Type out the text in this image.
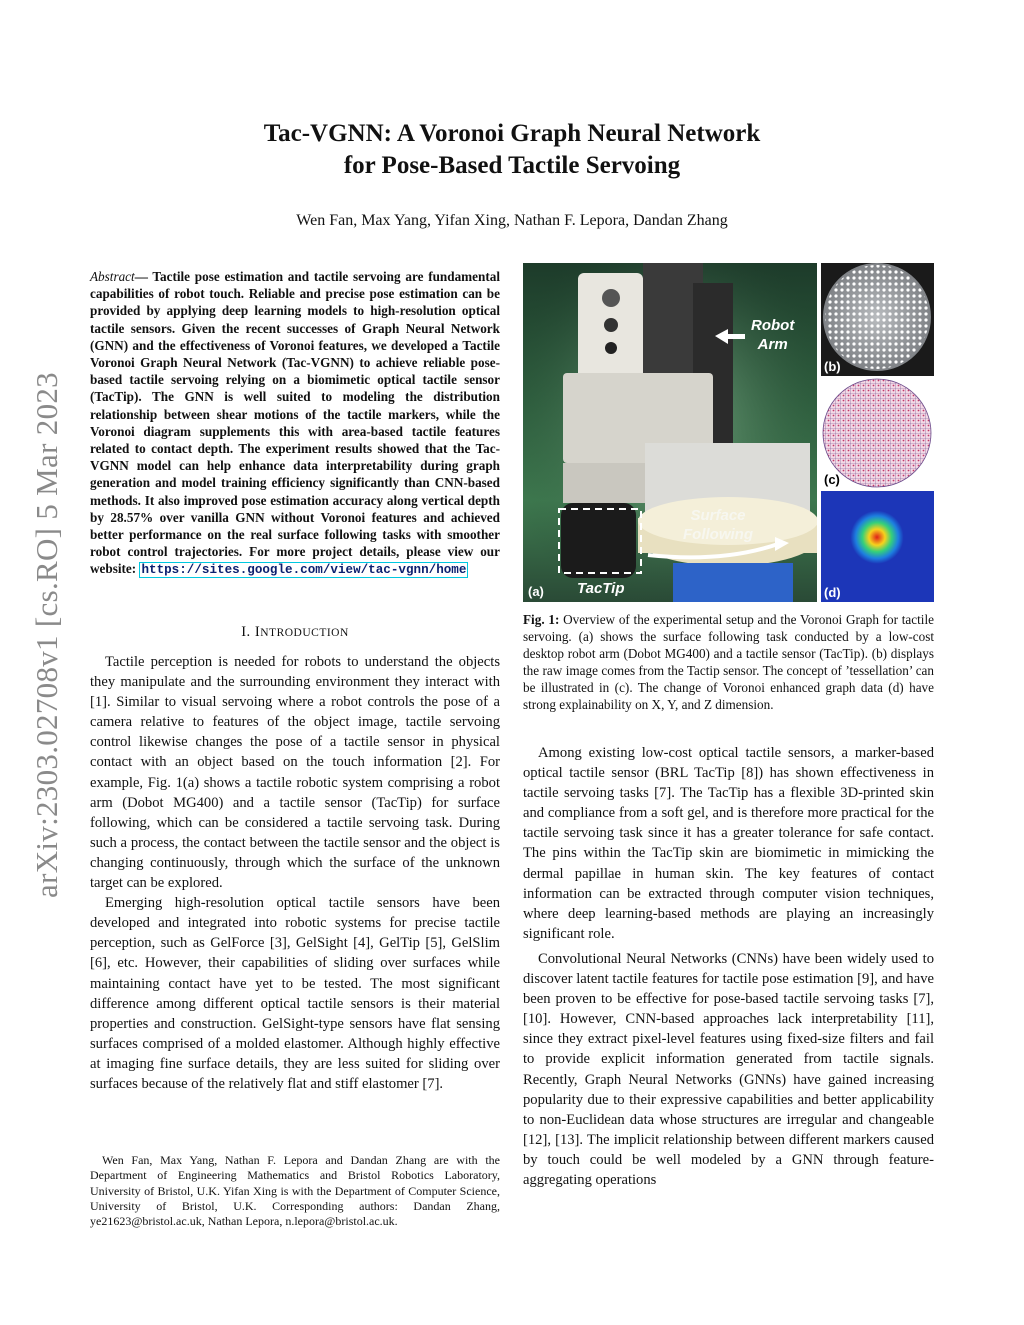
arXiv:2303.02708v1 [cs.RO] 5 Mar 2023
Tac-VGNN: A Voronoi Graph Neural Network
for Pose-Based Tactile Servoing
Wen Fan, Max Yang, Yifan Xing, Nathan F. Lepora, Dandan Zhang
Abstract— Tactile pose estimation and tactile servoing are fundamental capabilities of robot touch. Reliable and precise pose estimation can be provided by applying deep learning models to high-resolution optical tactile sensors. Given the recent successes of Graph Neural Network (GNN) and the effectiveness of Voronoi features, we developed a Tactile Voronoi Graph Neural Network (Tac-VGNN) to achieve reliable pose-based tactile servoing relying on a biomimetic optical tactile sensor (TacTip). The GNN is well suited to modeling the distribution relationship between shear motions of the tactile markers, while the Voronoi diagram supplements this with area-based tactile features related to contact depth. The experiment results showed that the Tac-VGNN model can help enhance data interpretability during graph generation and model training efficiency significantly than CNN-based methods. It also improved pose estimation accuracy along vertical depth by 28.57% over vanilla GNN without Voronoi features and achieved better performance on the real surface following tasks with smoother robot control trajectories. For more project details, please view our website: https://sites.google.com/view/tac-vgnn/home
I. INTRODUCTION

Tactile perception is needed for robots to understand the objects they manipulate and the surrounding environment they interact with [1]. Similar to visual servoing where a robot controls the pose of a camera relative to features of the object image, tactile servoing control likewise changes the pose of a tactile sensor in physical contact with an object based on the touch information [2]. For example, Fig. 1(a) shows a tactile robotic system comprising a robot arm (Dobot MG400) and a tactile sensor (TacTip) for surface following, which can be considered a tactile servoing task. During such a process, the contact between the tactile sensor and the object is changing continuously, through which the surface of the unknown target can be explored.

Emerging high-resolution optical tactile sensors have been developed and integrated into robotic systems for precise tactile perception, such as GelForce [3], GelSight [4], GelTip [5], GelSlim [6], etc. However, their capabilities of sliding over surfaces while maintaining contact have yet to be tested. The most significant difference among different optical tactile sensors is their material properties and construction. GelSight-type sensors have flat sensing surfaces comprised of a molded elastomer. Although highly effective at imaging fine surface details, they are less suited for sliding over surfaces because of the relatively flat and stiff elastomer [7].

Wen Fan, Max Yang, Nathan F. Lepora and Dandan Zhang are with the Department of Engineering Mathematics and Bristol Robotics Laboratory, University of Bristol, U.K. Yifan Xing is with the Department of Computer Science, University of Bristol, U.K. Corresponding authors: Dandan Zhang, ye21623@bristol.ac.uk, Nathan Lepora, n.lepora@bristol.ac.uk.

Robot
Arm
Surface
Following
TacTip
(a)
(b)
(c)
(d)

Fig. 1: Overview of the experimental setup and the Voronoi Graph for tactile servoing. (a) shows the surface following task conducted by a low-cost desktop robot arm (Dobot MG400) and a tactile sensor (TacTip). (b) displays the raw image comes from the Tactip sensor. The concept of ’tessellation’ can be illustrated in (c). The change of Voronoi enhanced graph data (d) have strong explainability on X, Y, and Z dimension.

Among existing low-cost optical tactile sensors, a marker-based optical tactile sensor (BRL TacTip [8]) has shown effectiveness in tactile servoing tasks [7]. The TacTip has a flexible 3D-printed skin and compliance from a soft gel, and is therefore more practical for the tactile servoing task since it has a greater tolerance for safe contact. The pins within the TacTip skin are biomimetic in mimicking the dermal papillae in human skin. The key features of contact information can be extracted through computer vision techniques, where deep learning-based methods are playing an increasingly significant role.

Convolutional Neural Networks (CNNs) have been widely used to discover latent tactile features for tactile pose estimation [9], and have been proven to be effective for pose-based tactile servoing tasks [7], [10]. However, CNN-based approaches lack interpretability [11], since they extract pixel-level features using fixed-size filters and fail to provide explicit information generated from tactile signals. Recently, Graph Neural Networks (GNNs) have gained increasing popularity due to their expressive capabilities and better applicability to non-Euclidean data whose structures are irregular and changeable [12], [13]. The implicit relationship between different markers caused by touch could be well modeled by a GNN through feature-aggregating operations
